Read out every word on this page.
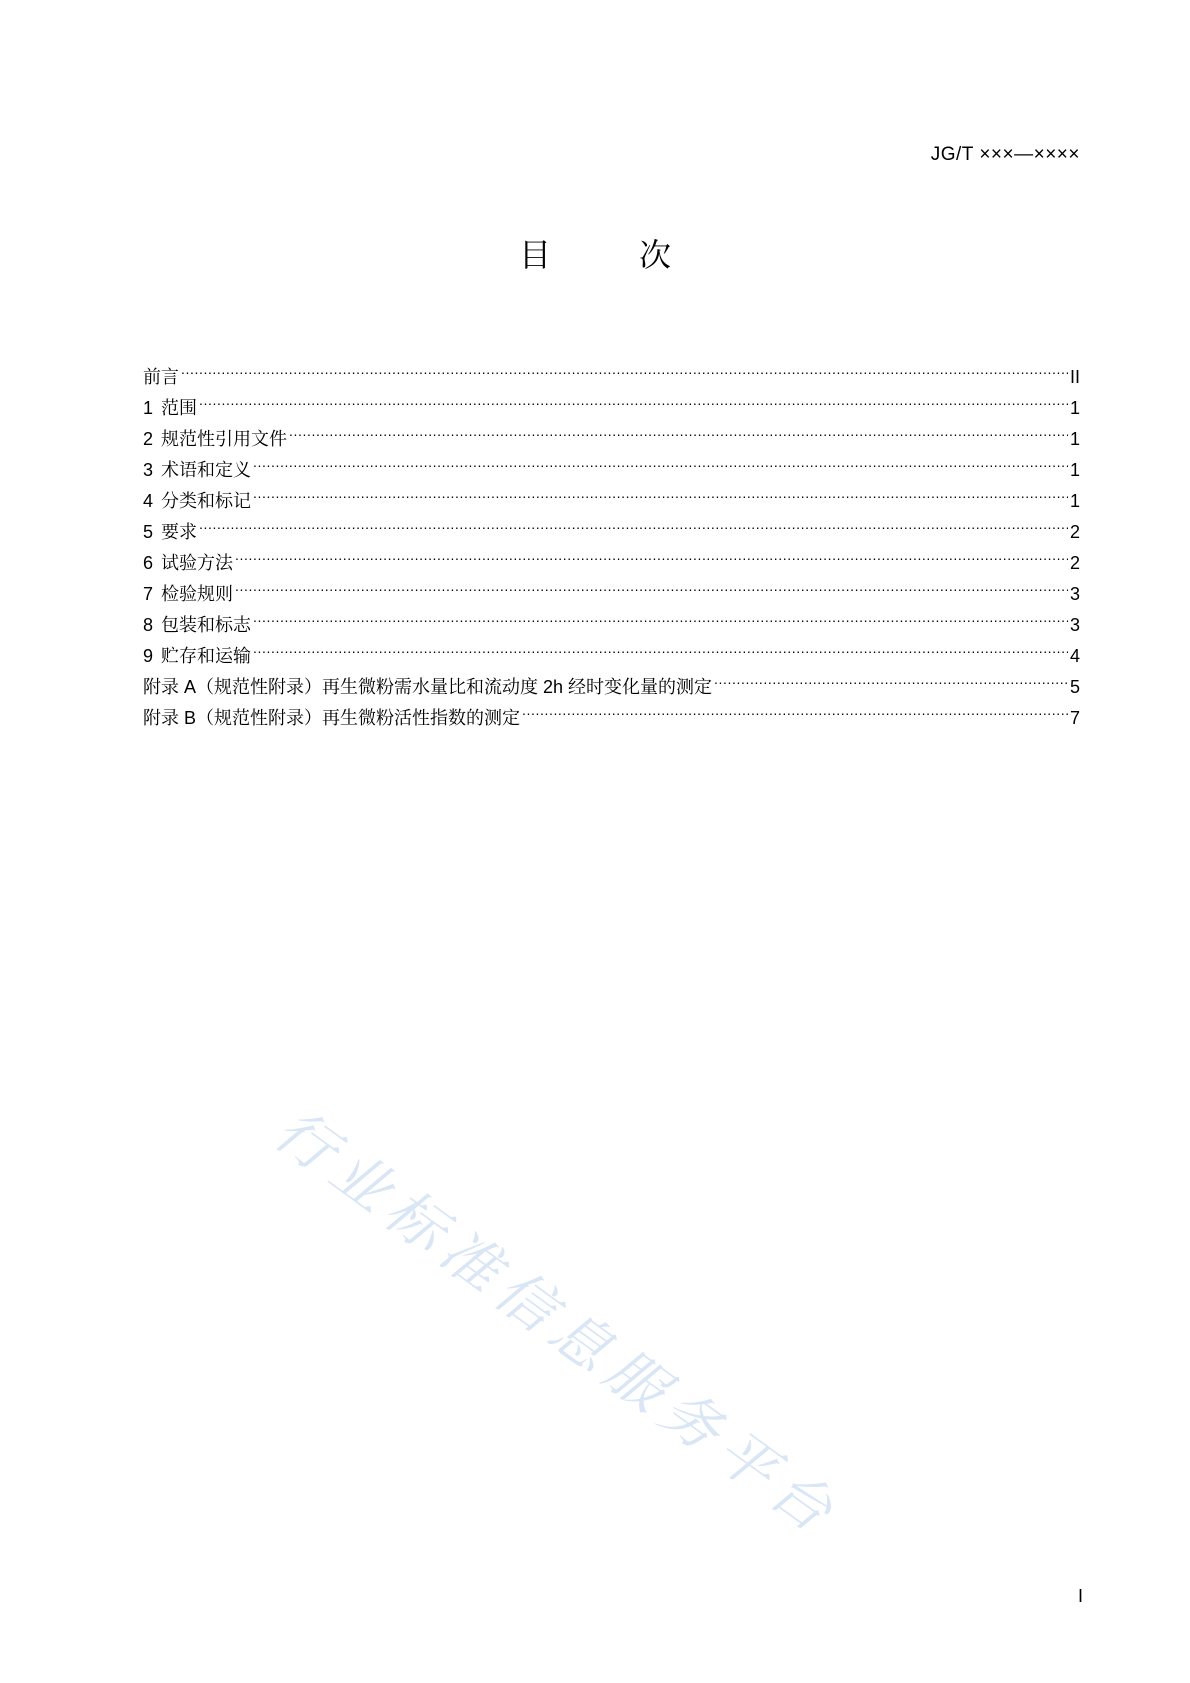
JG/T ×××—××××
目　次
前言 .....	II
1 范围 .....	1
2 规范性引用文件 .....	1
3 术语和定义 .....	1
4 分类和标记 .....	1
5 要求 .....	2
6 试验方法 .....	2
7 检验规则 .....	3
8 包装和标志 .....	3
9 贮存和运输 .....	4
附录 A（规范性附录）再生微粉需水量比和流动度 2h 经时变化量的测定 .....	5
附录 B（规范性附录）再生微粉活性指数的测定 .....	7
行业标准信息服务平台
I
